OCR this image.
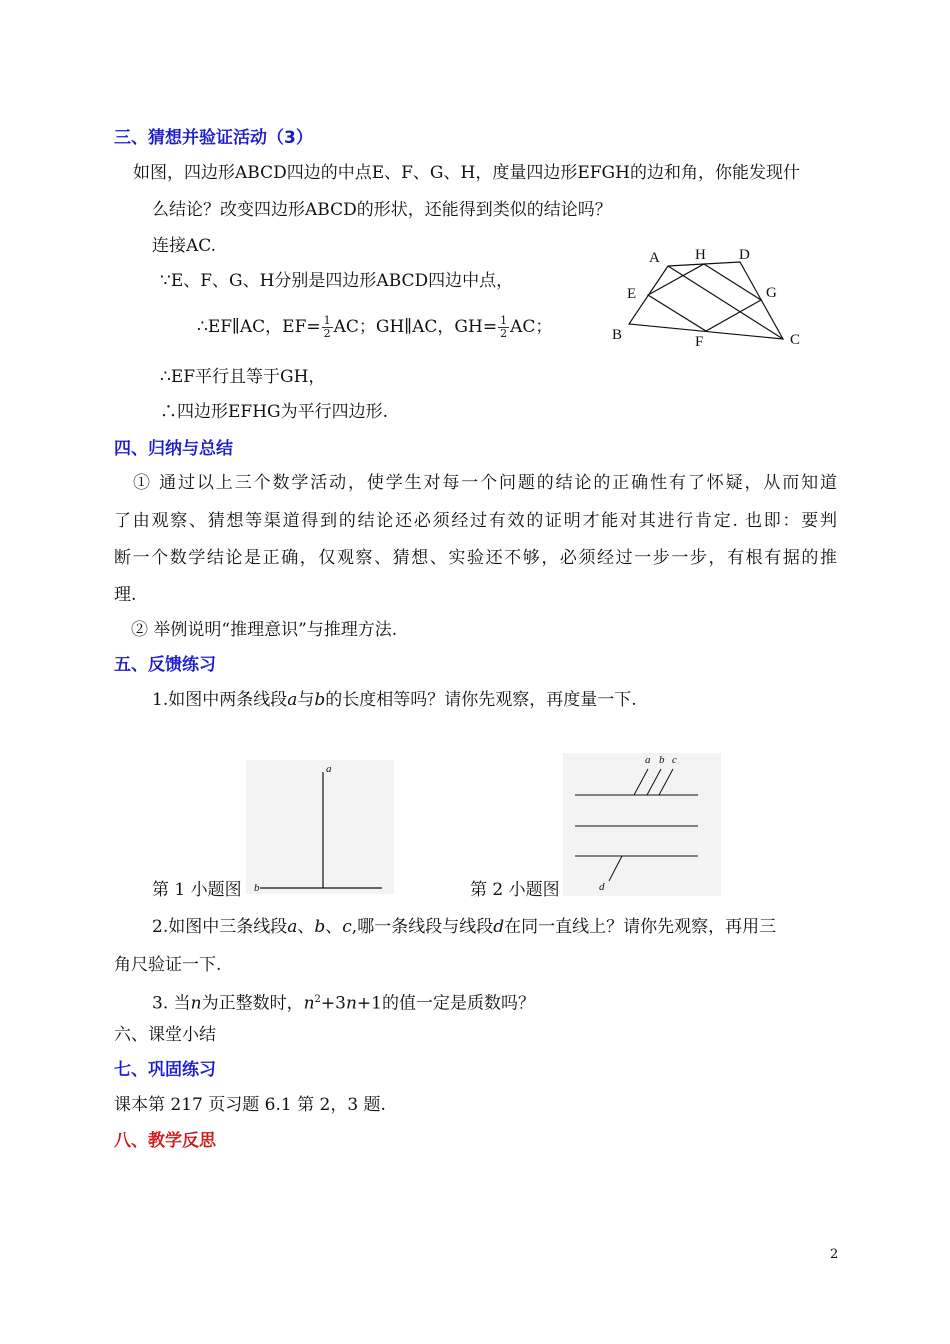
三、猜想并验证活动（3）
如图，四边形ABCD四边的中点E、F、G、H，度量四边形EFGH的边和角，你能发现什
么结论？改变四边形ABCD的形状，还能得到类似的结论吗？
连接AC.
∵E、F、G、H分别是四边形ABCD四边中点，
∴EF∥AC，$EF= \frac{1}{2}$ AC；GH∥AC，$GH= \frac{1}{2}$ AC；
∴EF平行且等于GH，
∴四边形EFHG为平行四边形.
A H D
E	G
B	F	C
四、归纳与总结
① 通过以上三个数学活动，使学生对每一个问题的结论的正确性有了怀疑，从而知道
了由观察、猜想等渠道得到的结论还必须经过有效的证明才能对其进行肯定. 也即：要判
断一个数学结论是正确，仅观察、猜想、实验还不够，必须经过一步一步，有根有据的推
理.
② 举例说明“推理意识”与推理方法.
五、反馈练习
1.如图中两条线段a与b的长度相等吗？请你先观察，再度量一下.
a
b
第 1 小题图
a b c
d
第 2 小题图
2.如图中三条线段a、b、c,哪一条线段与线段d在同一直线上？请你先观察，再用三
角尺验证一下.
3. 当n为正整数时，$n^2+3n+1$的值一定是质数吗？
六、课堂小结
七、巩固练习
课本第 217 页习题 6.1 第 2，3 题.
八、教学反思
2
